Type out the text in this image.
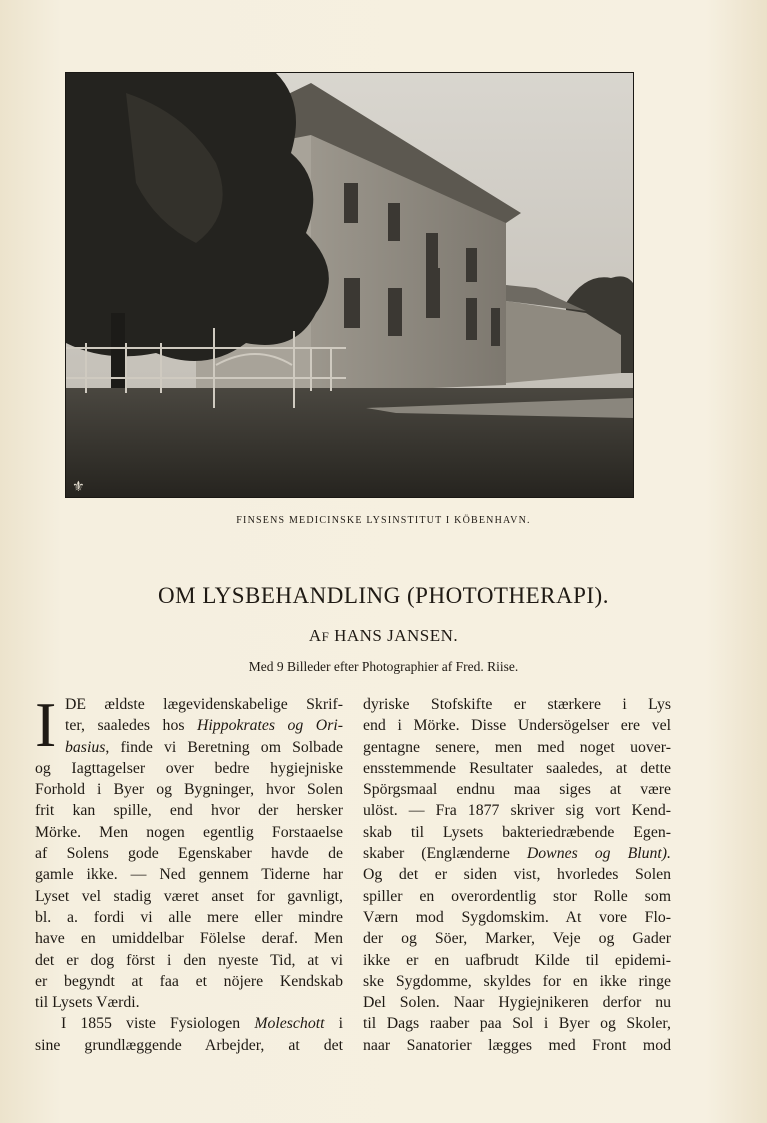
⚜
FINSENS MEDICINSKE LYSINSTITUT I KÖBENHAVN.
OM LYSBEHANDLING (PHOTOTHERAPI).
AF HANS JANSEN.
Med 9 Billeder efter Photographier af Fred. Riise.
I DE ældste lægevidenskabelige Skrif-
ter, saaledes hos Hippokrates og Ori-
basius, finde vi Beretning om Solbade
og Iagttagelser over bedre hygiejniske
Forhold i Byer og Bygninger, hvor Solen
frit kan spille, end hvor der hersker
Mörke. Men nogen egentlig Forstaaelse
af Solens gode Egenskaber havde de
gamle ikke. — Ned gennem Tiderne har
Lyset vel stadig været anset for gavnligt,
bl. a. fordi vi alle mere eller mindre
have en umiddelbar Fölelse deraf. Men
det er dog först i den nyeste Tid, at vi
er begyndt at faa et nöjere Kendskab
til Lysets Værdi.
I 1855 viste Fysiologen Moleschott i
sine grundlæggende Arbejder, at det
dyriske Stofskifte er stærkere i Lys
end i Mörke. Disse Undersögelser ere vel
gentagne senere, men med noget uover-
ensstemmende Resultater saaledes, at dette
Spörgsmaal endnu maa siges at være
ulöst. — Fra 1877 skriver sig vort Kend-
skab til Lysets bakteriedræbende Egen-
skaber (Englænderne Downes og Blunt).
Og det er siden vist, hvorledes Solen
spiller en overordentlig stor Rolle som
Værn mod Sygdomskim. At vore Flo-
der og Söer, Marker, Veje og Gader
ikke er en uafbrudt Kilde til epidemi-
ske Sygdomme, skyldes for en ikke ringe
Del Solen. Naar Hygiejnikeren derfor nu
til Dags raaber paa Sol i Byer og Skoler,
naar Sanatorier lægges med Front mod
